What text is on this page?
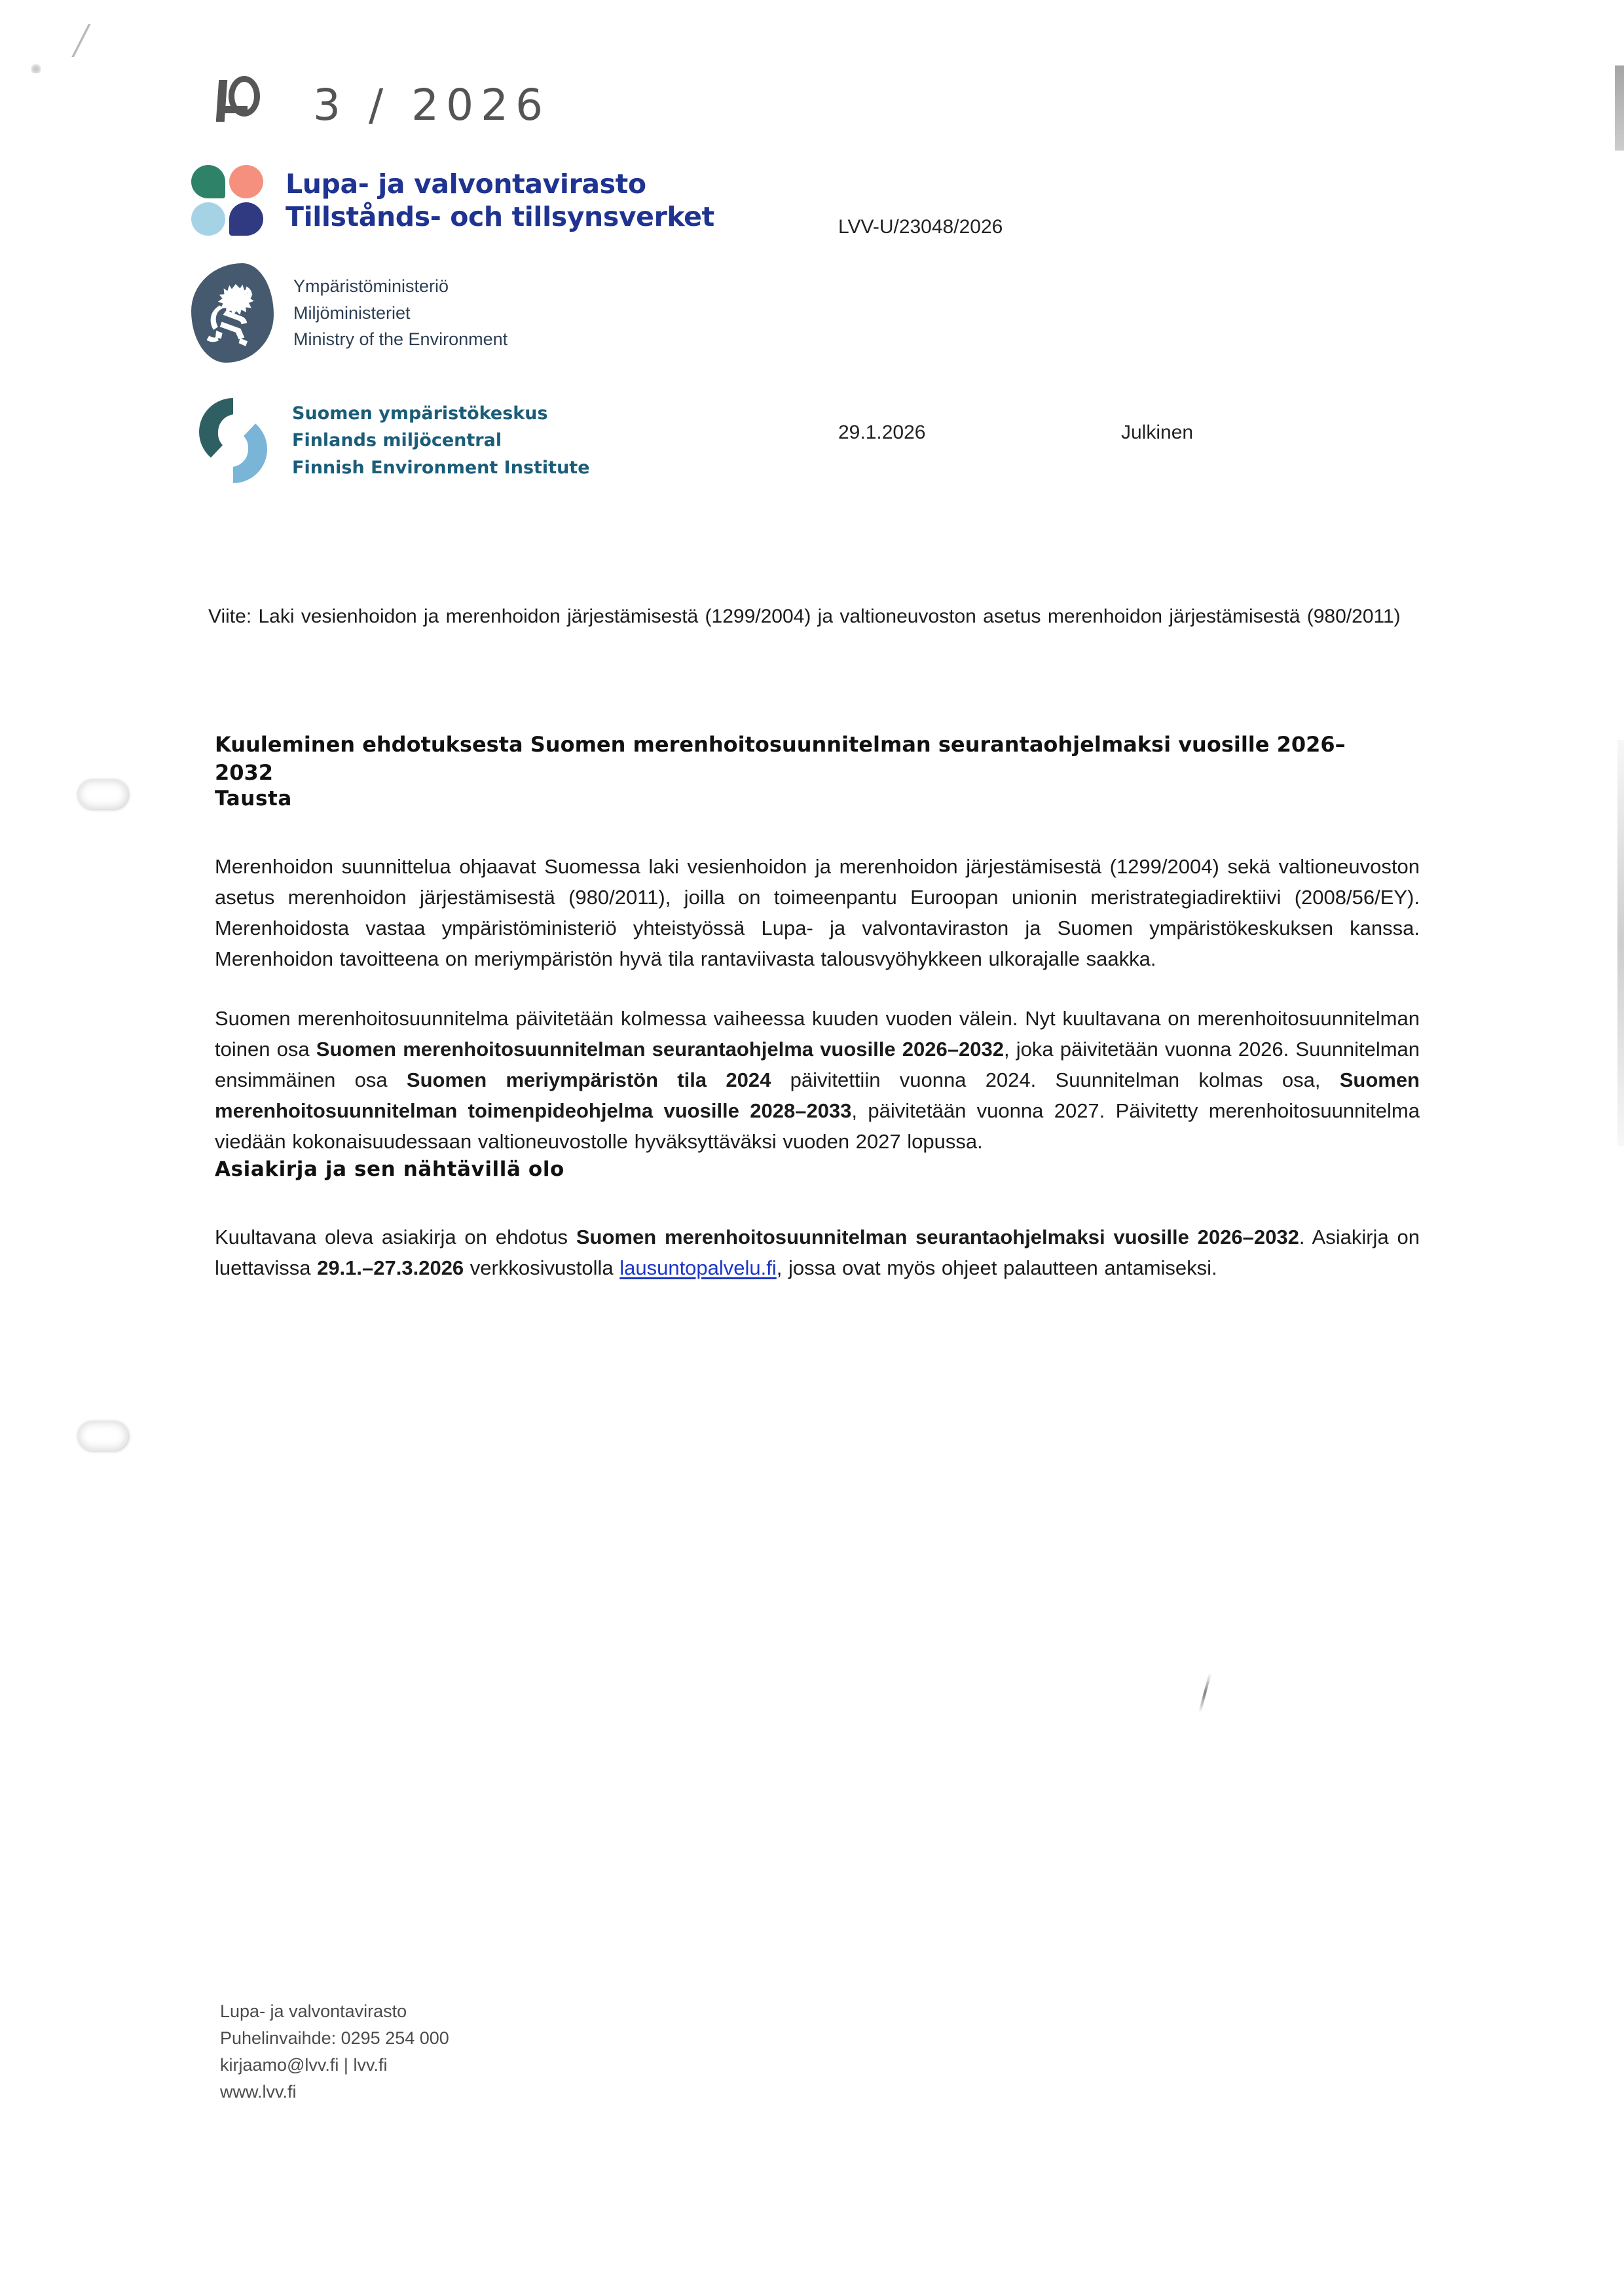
3 / 2026
Lupa- ja valvontavirasto
Tillstånds- och tillsynsverket
Ympäristöministeriö
Miljöministeriet
Ministry of the Environment
Suomen ympäristökeskus
Finlands miljöcentral
Finnish Environment Institute
LVV-U/23048/2026
29.1.2026	Julkinen
Viite: Laki vesienhoidon ja merenhoidon järjestämisestä (1299/2004) ja valtioneuvoston asetus merenhoidon järjestämisestä (980/2011)
Kuuleminen ehdotuksesta Suomen merenhoitosuunnitelman seurantaohjelmaksi vuosille 2026–2032
Tausta

Merenhoidon suunnittelua ohjaavat Suomessa laki vesienhoidon ja merenhoidon järjestämisestä (1299/2004) sekä valtioneuvoston asetus merenhoidon järjestämisestä (980/2011), joilla on toimeenpantu Euroopan unionin meristrategiadirektiivi (2008/56/EY). Merenhoidosta vastaa ympäristöministeriö yhteistyössä Lupa- ja valvontaviraston ja Suomen ympäristökeskuksen kanssa. Merenhoidon tavoitteena on meriympäristön hyvä tila rantaviivasta talousvyöhykkeen ulkorajalle saakka.

Suomen merenhoitosuunnitelma päivitetään kolmessa vaiheessa kuuden vuoden välein. Nyt kuultavana on merenhoitosuunnitelman toinen osa Suomen merenhoitosuunnitelman seurantaohjelma vuosille 2026–2032, joka päivitetään vuonna 2026. Suunnitelman ensimmäinen osa Suomen meriympäristön tila 2024 päivitettiin vuonna 2024. Suunnitelman kolmas osa, Suomen merenhoitosuunnitelman toimenpideohjelma vuosille 2028–2033, päivitetään vuonna 2027. Päivitetty merenhoitosuunnitelma viedään kokonaisuudessaan valtioneuvostolle hyväksyttäväksi vuoden 2027 lopussa.

Asiakirja ja sen nähtävillä olo

Kuultavana oleva asiakirja on ehdotus Suomen merenhoitosuunnitelman seurantaohjelmaksi vuosille 2026–2032. Asiakirja on luettavissa 29.1.–27.3.2026 verkkosivustolla lausuntopalvelu.fi, jossa ovat myös ohjeet palautteen antamiseksi.

Lupa- ja valvontavirasto
Puhelinvaihde: 0295 254 000
kirjaamo@lvv.fi | lvv.fi
www.lvv.fi
